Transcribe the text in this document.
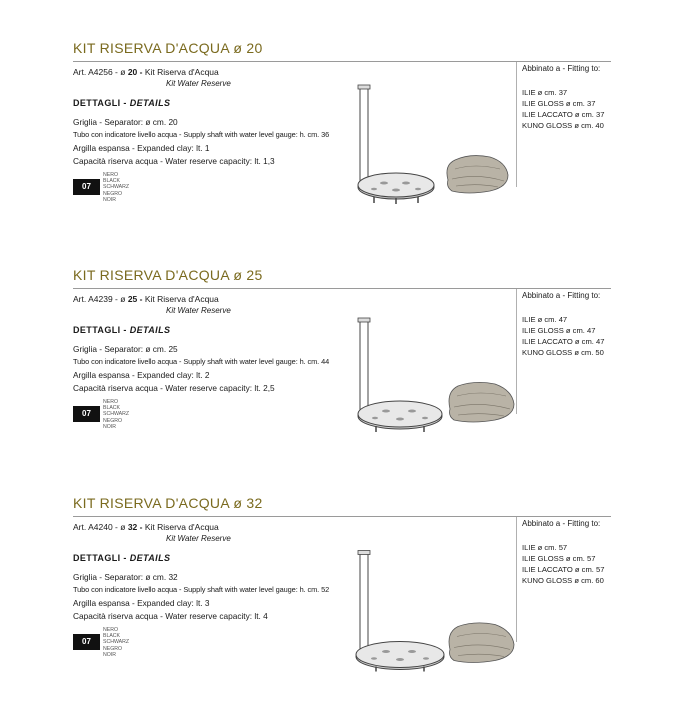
KIT RISERVA D'ACQUA ø 20
Art. A4256 - ø 20 - Kit Riserva d'Acqua
Kit Water Reserve
DETTAGLI - DETAILS
Griglia - Separator: ø cm. 20
Tubo con indicatore livello acqua - Supply shaft with water level gauge: h. cm. 36
Argilla espansa - Expanded clay: lt. 1
Capacità riserva acqua - Water reserve capacity: lt. 1,3
07
NERO
BLACK
SCHWARZ
NEGRO
NOIR
Abbinato a - Fitting to:
ILIE ø cm. 37
ILIE GLOSS ø cm. 37
ILIE LACCATO ø cm. 37
KUNO GLOSS ø cm. 40
KIT RISERVA D'ACQUA ø 25
Art. A4239 - ø 25 - Kit Riserva d'Acqua
Kit Water Reserve
DETTAGLI - DETAILS
Griglia - Separator: ø cm. 25
Tubo con indicatore livello acqua - Supply shaft with water level gauge: h. cm. 44
Argilla espansa - Expanded clay: lt. 2
Capacità riserva acqua - Water reserve capacity: lt. 2,5
07
NERO
BLACK
SCHWARZ
NEGRO
NOIR
Abbinato a - Fitting to:
ILIE ø cm. 47
ILIE GLOSS ø cm. 47
ILIE LACCATO ø cm. 47
KUNO GLOSS ø cm. 50
KIT RISERVA D'ACQUA ø 32
Art. A4240 - ø 32 - Kit Riserva d'Acqua
Kit Water Reserve
DETTAGLI - DETAILS
Griglia - Separator: ø cm. 32
Tubo con indicatore livello acqua - Supply shaft with water level gauge: h. cm. 52
Argilla espansa - Expanded clay: lt. 3
Capacità riserva acqua - Water reserve capacity: lt. 4
07
NERO
BLACK
SCHWARZ
NEGRO
NOIR
Abbinato a - Fitting to:
ILIE ø cm. 57
ILIE GLOSS ø cm. 57
ILIE LACCATO ø cm. 57
KUNO GLOSS ø cm. 60
